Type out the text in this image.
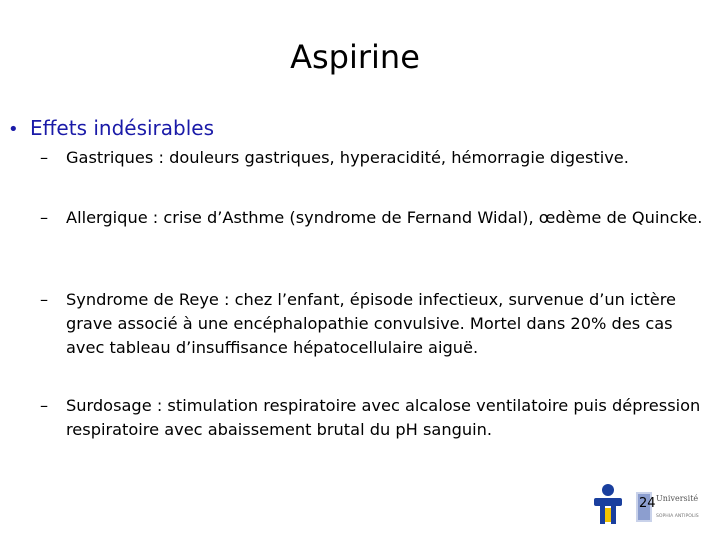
Aspirine
• Effets indésirables
–	Gastriques : douleurs gastriques, hyperacidité, hémorragie digestive.
–	Allergique : crise d’Asthme (syndrome de Fernand Widal), œdème de Quincke.
–	Syndrome de Reye : chez l’enfant, épisode infectieux, survenue d’un ictère grave associé à une encéphalopathie convulsive. Mortel dans 20% des cas avec tableau d’insuffisance hépatocellulaire aiguë.
–	Surdosage : stimulation respiratoire avec alcalose ventilatoire puis dépression respiratoire avec abaissement brutal du pH sanguin.
Université
SOPHIA ANTIPOLIS
24
